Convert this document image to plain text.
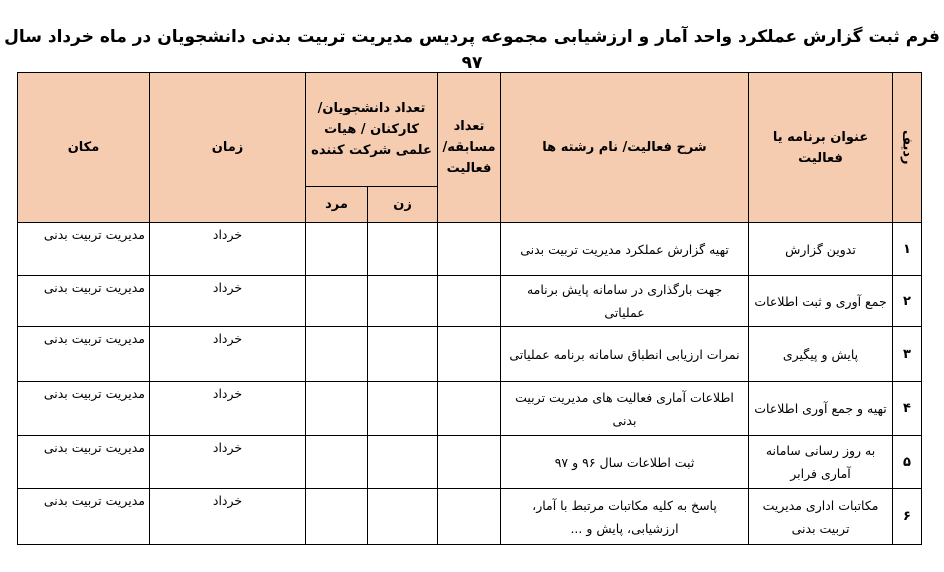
فرم ثبت گزارش عملکرد واحد آمار و ارزشیابی مجموعه پردیس مدیریت تربیت بدنی دانشجویان در ماه خرداد سال ۹۷
ردیف	عنوان برنامه یا فعالیت	شرح فعالیت/ نام رشته ها	تعداد مسابقه/ فعالیت	تعداد دانشجویان/ کارکنان / هیات علمی شرکت کننده		زمان	مکان
				زن	مرد		
۱	تدوین گزارش	تهیه گزارش عملکرد مدیریت تربیت بدنی				خرداد	مدیریت تربیت بدنی
۲	جمع آوری و ثبت اطلاعات	جهت بارگذاری در سامانه پایش برنامه عملیاتی				خرداد	مدیریت تربیت بدنی
۳	پایش و پیگیری	نمرات ارزیابی انطباق سامانه برنامه عملیاتی				خرداد	مدیریت تربیت بدنی
۴	تهیه و جمع آوری اطلاعات	اطلاعات آماری فعالیت های مدیریت تربیت بدنی				خرداد	مدیریت تربیت بدنی
۵	به روز رسانی سامانه آماری فرابر	ثبت اطلاعات سال ۹۶ و ۹۷				خرداد	مدیریت تربیت بدنی
۶	مکاتبات اداری مدیریت تربیت بدنی	پاسخ به کلیه مکاتبات مرتبط با آمار، ارزشیابی، پایش و ...				خرداد	مدیریت تربیت بدنی
